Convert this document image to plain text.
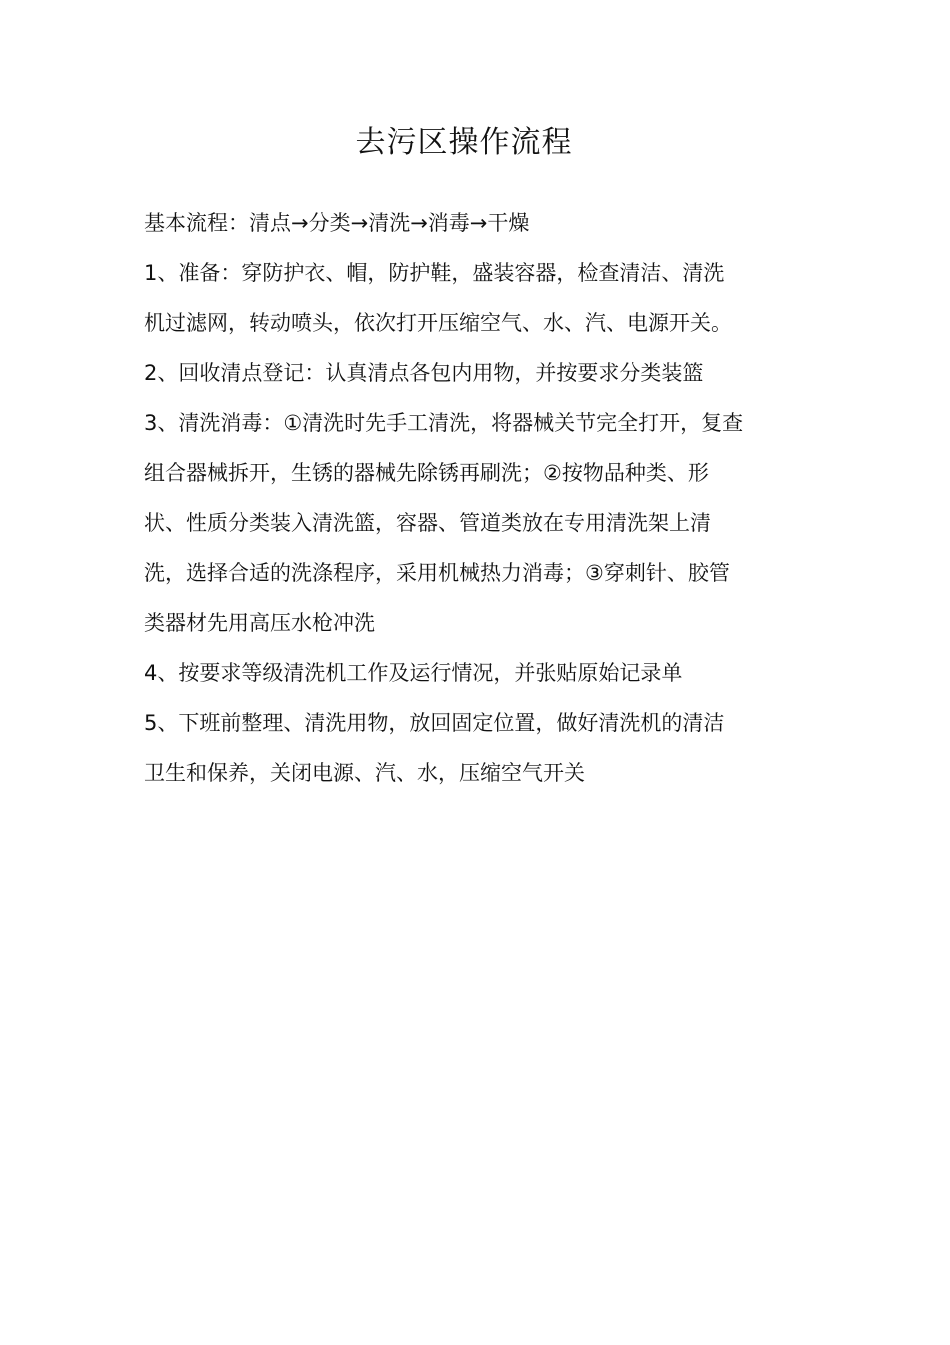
去污区操作流程

基本流程：清点→分类→清洗→消毒→干燥

1、准备：穿防护衣、帽，防护鞋，盛装容器，检查清洁、清洗机过滤网，转动喷头，依次打开压缩空气、水、汽、电源开关。

2、回收清点登记：认真清点各包内用物，并按要求分类装篮

3、清洗消毒：①清洗时先手工清洗，将器械关节完全打开，复查组合器械拆开，生锈的器械先除锈再刷洗；②按物品种类、形状、性质分类装入清洗篮，容器、管道类放在专用清洗架上清洗，选择合适的洗涤程序，采用机械热力消毒；③穿刺针、胶管类器材先用高压水枪冲洗

4、按要求等级清洗机工作及运行情况，并张贴原始记录单

5、下班前整理、清洗用物，放回固定位置，做好清洗机的清洁卫生和保养，关闭电源、汽、水，压缩空气开关
